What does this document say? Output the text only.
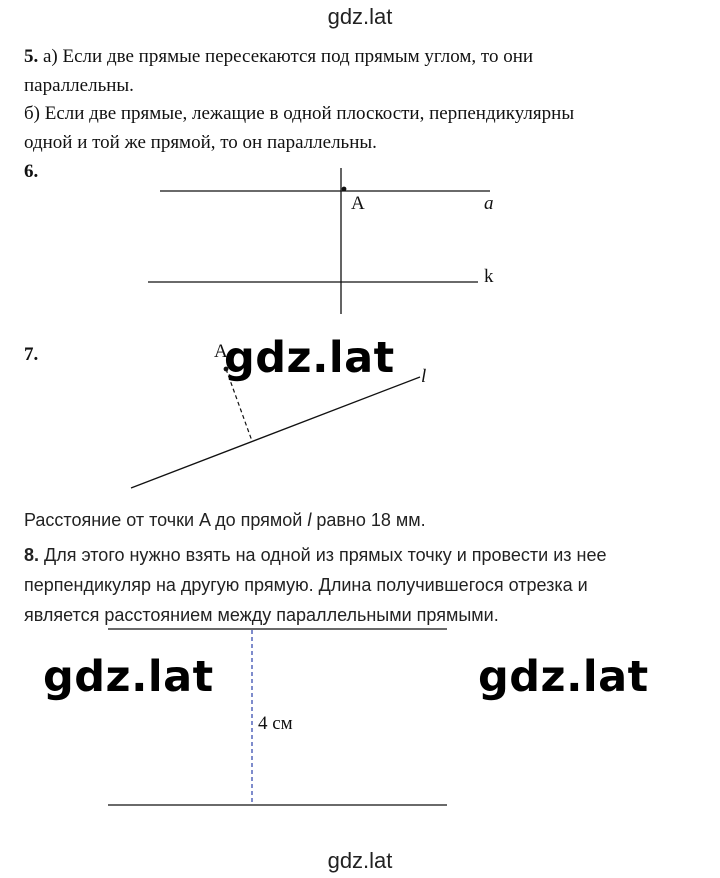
gdz.lat
5. а) Если две прямые пересекаются под прямым углом, то они
параллельны.
б) Если две прямые, лежащие в одной плоскости, перпендикулярны
одной и той же прямой, то он параллельны.
6.
A	a
k
7.	A
l
gdz.lat
Расстояние от точки A до прямой l равно 18 мм.
8. Для этого нужно взять на одной из прямых точку и провести из нее
перпендикуляр на другую прямую. Длина получившегося отрезка и
является расстоянием между параллельными прямыми.
gdz.lat	gdz.lat
4 см
gdz.lat
